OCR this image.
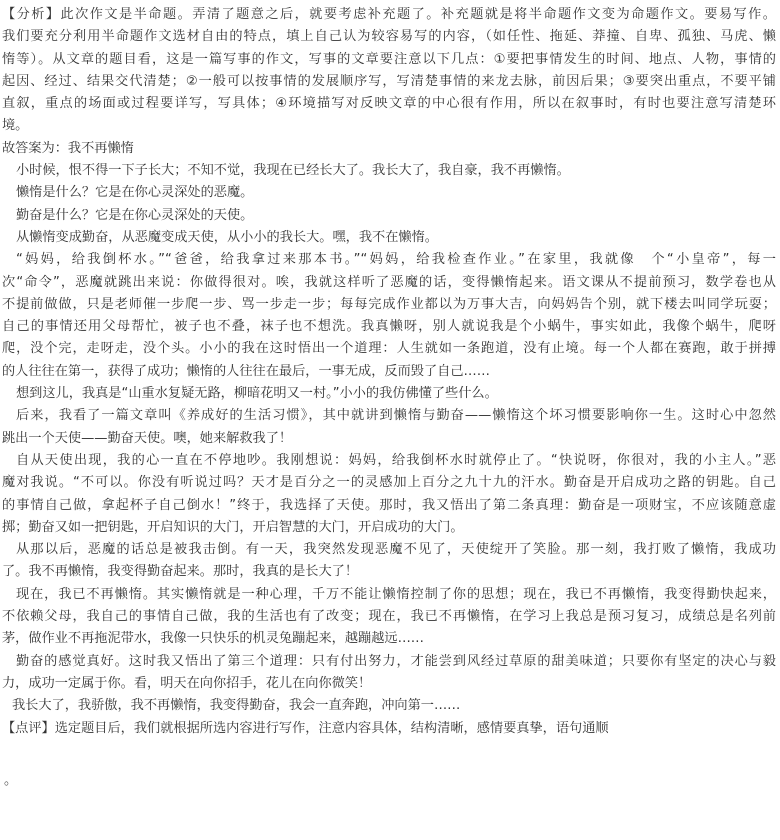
【分析】此次作文是半命题。弄清了题意之后，就要考虑补充题了。补充题就是将半命题作文变为命题作文。要易写作。

我们要充分利用半命题作文选材自由的特点，填上自己认为较容易写的内容，（如任性、拖延、莽撞、自卑、孤独、马虎、懒

惰等）。从文章的题目看，这是一篇写事的作文，写事的文章要注意以下几点：①要把事情发生的时间、地点、人物，事情的

起因、经过、结果交代清楚；②一般可以按事情的发展顺序写，写清楚事情的来龙去脉，前因后果；③要突出重点，不要平铺

直叙，重点的场面或过程要详写，写具体；④环境描写对反映文章的中心很有作用，所以在叙事时，有时也要注意写清楚环

境。

故答案为：我不再懒惰

小时候，恨不得一下子长大；不知不觉，我现在已经长大了。我长大了，我自豪，我不再懒惰。

懒惰是什么？它是在你心灵深处的恶魔。

勤奋是什么？它是在你心灵深处的天使。

从懒惰变成勤奋，从恶魔变成天使，从小小的我长大。嘿，我不在懒惰。

“妈妈，给我倒杯水。”“爸爸，给我拿过来那本书。”“妈妈，给我检查作业。”在家里，我就像　个“小皇帝”，每一

次“命令”，恶魔就跳出来说：你做得很对。唉，我就这样听了恶魔的话，变得懒惰起来。语文课从不提前预习，数学卷也从

不提前做做，只是老师催一步爬一步、骂一步走一步；每每完成作业都以为万事大吉，向妈妈告个别，就下楼去叫同学玩耍；

自己的事情还用父母帮忙，被子也不叠，袜子也不想洗。我真懒呀，别人就说我是个小蜗牛，事实如此，我像个蜗牛，爬呀

爬，没个完，走呀走，没个头。小小的我在这时悟出一个道理：人生就如一条跑道，没有止境。每一个人都在赛跑，敢于拼搏

的人往往在第一，获得了成功；懒惰的人往往在最后，一事无成，反而毁了自己……

想到这儿，我真是“山重水复疑无路，柳暗花明又一村。”小小的我仿佛懂了些什么。

后来，我看了一篇文章叫《养成好的生活习惯》，其中就讲到懒惰与勤奋——懒惰这个坏习惯要影响你一生。这时心中忽然

跳出一个天使——勤奋天使。噢，她来解救我了！

自从天使出现，我的心一直在不停地吵。我刚想说：妈妈，给我倒杯水时就停止了。“快说呀，你很对，我的小主人。”恶

魔对我说。“不可以。你没有听说过吗？天才是百分之一的灵感加上百分之九十九的汗水。勤奋是开启成功之路的钥匙。自己

的事情自己做，拿起杯子自己倒水！”终于，我选择了天使。那时，我又悟出了第二条真理：勤奋是一项财宝，不应该随意虚

掷；勤奋又如一把钥匙，开启知识的大门，开启智慧的大门，开启成功的大门。

从那以后，恶魔的话总是被我击倒。有一天，我突然发现恶魔不见了，天使绽开了笑脸。那一刻，我打败了懒惰，我成功

了。我不再懒惰，我变得勤奋起来。那时，我真的是长大了！

现在，我已不再懒惰。其实懒惰就是一种心理，千万不能让懒惰控制了你的思想；现在，我已不再懒惰，我变得勤快起来，

不依赖父母，我自己的事情自己做，我的生活也有了改变；现在，我已不再懒惰，在学习上我总是预习复习，成绩总是名列前

茅，做作业不再拖泥带水，我像一只快乐的机灵兔蹦起来，越蹦越远……

勤奋的感觉真好。这时我又悟出了第三个道理：只有付出努力，才能尝到风经过草原的甜美味道；只要你有坚定的决心与毅

力，成功一定属于你。看，明天在向你招手，花儿在向你微笑！

我长大了，我骄傲，我不再懒惰，我变得勤奋，我会一直奔跑，冲向第一……

【点评】选定题目后，我们就根据所选内容进行写作，注意内容具体，结构清晰，感情要真挚，语句通顺

。
